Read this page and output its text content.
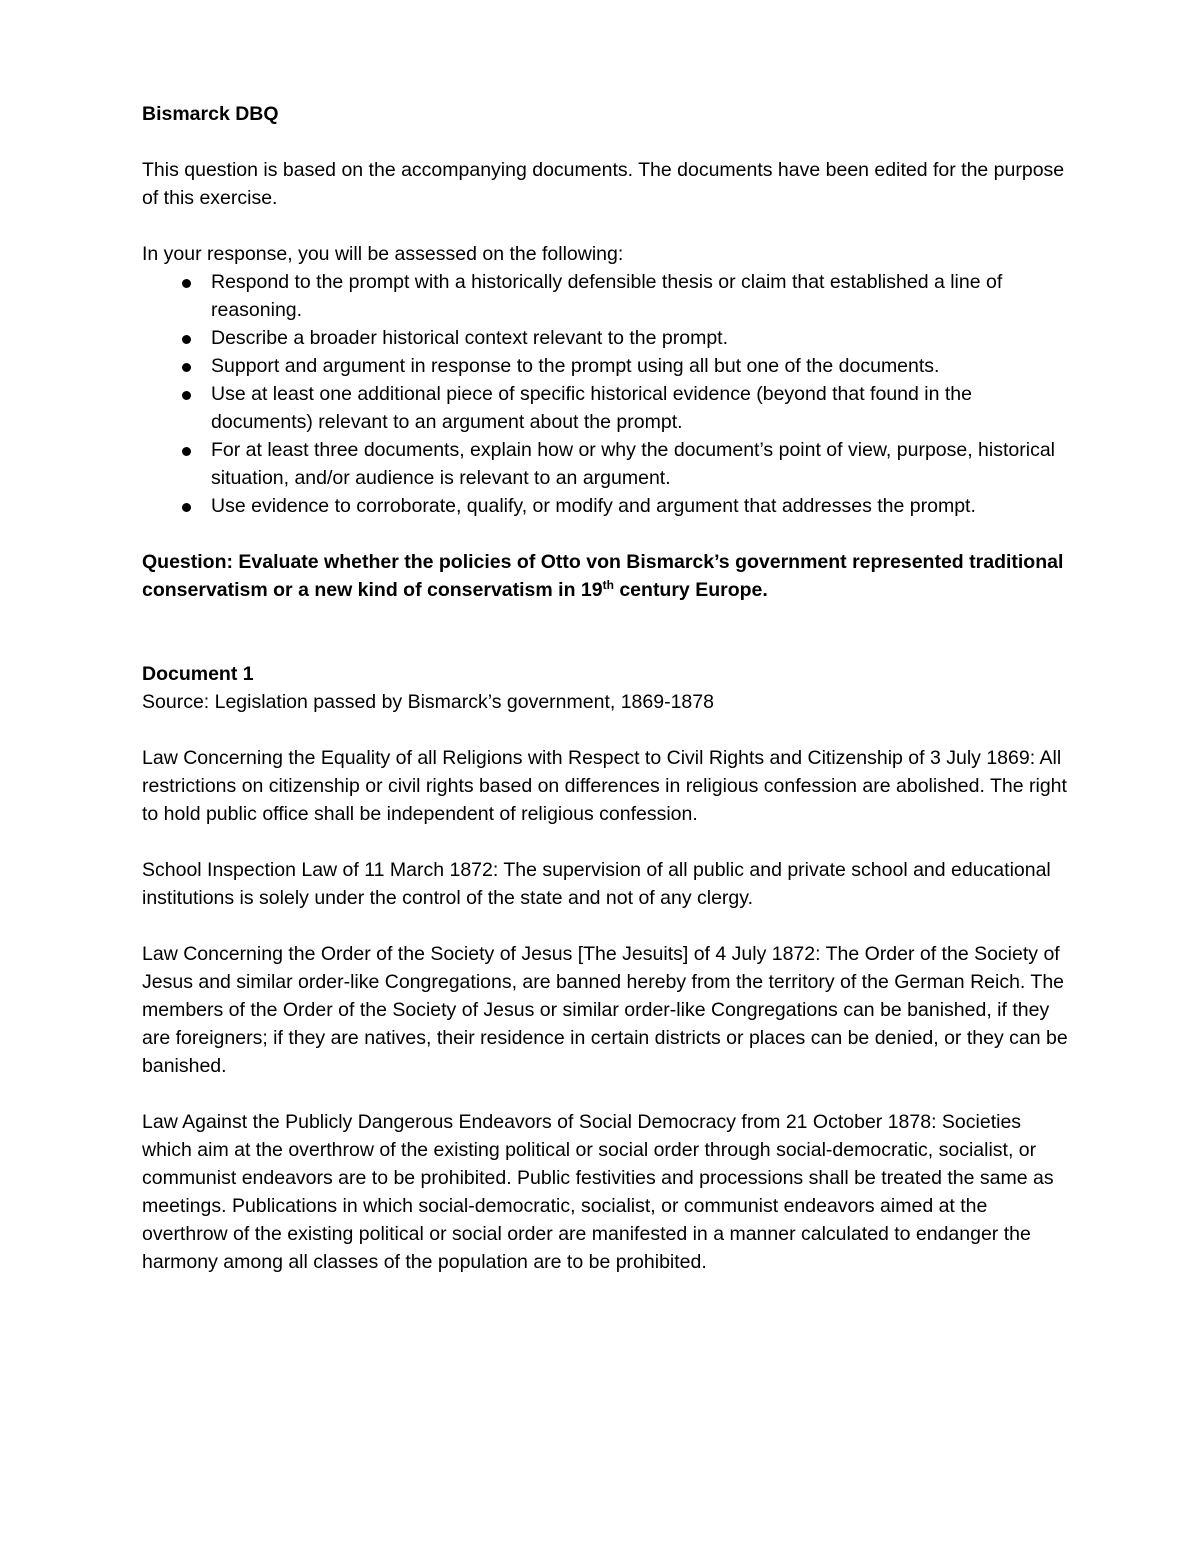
Bismarck DBQ

This question is based on the accompanying documents. The documents have been edited for the purpose of this exercise.

In your response, you will be assessed on the following:

Respond to the prompt with a historically defensible thesis or claim that established a line of reasoning.
Describe a broader historical context relevant to the prompt.
Support and argument in response to the prompt using all but one of the documents.
Use at least one additional piece of specific historical evidence (beyond that found in the documents) relevant to an argument about the prompt.
For at least three documents, explain how or why the document’s point of view, purpose, historical situation, and/or audience is relevant to an argument.
Use evidence to corroborate, qualify, or modify and argument that addresses the prompt.

Question: Evaluate whether the policies of Otto von Bismarck’s government represented traditional conservatism or a new kind of conservatism in 19th century Europe.

Document 1

Source: Legislation passed by Bismarck’s government, 1869-1878

Law Concerning the Equality of all Religions with Respect to Civil Rights and Citizenship of 3 July 1869: All restrictions on citizenship or civil rights based on differences in religious confession are abolished. The right to hold public office shall be independent of religious confession.

School Inspection Law of 11 March 1872: The supervision of all public and private school and educational institutions is solely under the control of the state and not of any clergy.

Law Concerning the Order of the Society of Jesus [The Jesuits] of 4 July 1872: The Order of the Society of Jesus and similar order-like Congregations, are banned hereby from the territory of the German Reich. The members of the Order of the Society of Jesus or similar order-like Congregations can be banished, if they are foreigners; if they are natives, their residence in certain districts or places can be denied, or they can be banished.

Law Against the Publicly Dangerous Endeavors of Social Democracy from 21 October 1878: Societies which aim at the overthrow of the existing political or social order through social-democratic, socialist, or communist endeavors are to be prohibited. Public festivities and processions shall be treated the same as meetings. Publications in which social-democratic, socialist, or communist endeavors aimed at the overthrow of the existing political or social order are manifested in a manner calculated to endanger the harmony among all classes of the population are to be prohibited.
